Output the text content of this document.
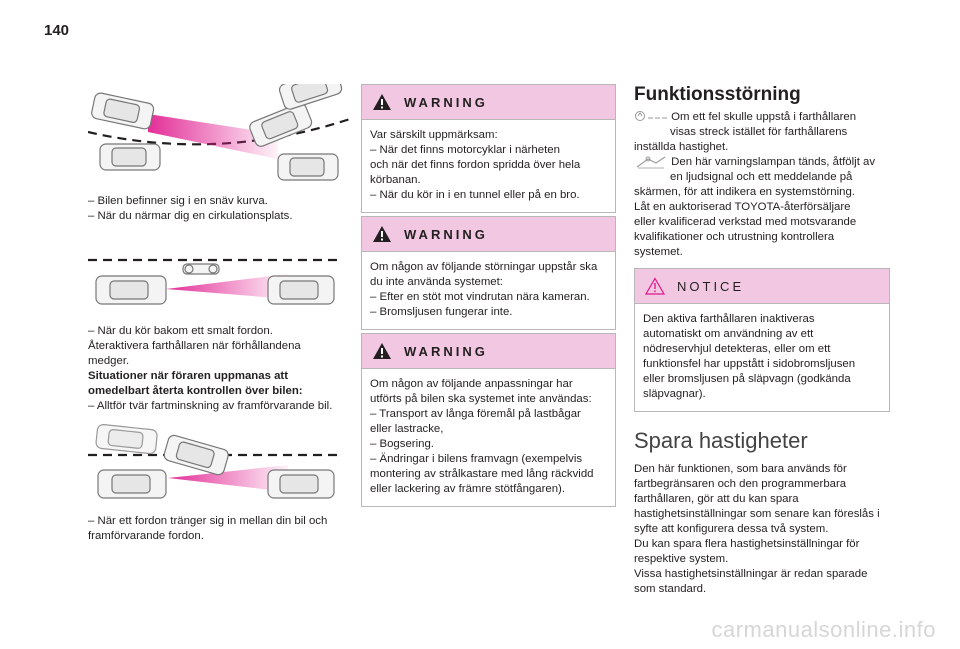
140

– Bilen befinner sig i en snäv kurva.

– När du närmar dig en cirkulationsplats.

– När du kör bakom ett smalt fordon.

Återaktivera farthållaren när förhållandena

medger.

Situationer när föraren uppmanas att

omedelbart återta kontrollen över bilen:

– Alltför tvär fartminskning av framförvarande bil.

– När ett fordon tränger sig in mellan din bil och

framförvarande fordon.

WARNING

Var särskilt uppmärksam:

– När det finns motorcyklar i närheten

och när det finns fordon spridda över hela

körbanan.

– När du kör in i en tunnel eller på en bro.

WARNING

Om någon av följande störningar uppstår ska

du inte använda systemet:

– Efter en stöt mot vindrutan nära kameran.

– Bromsljusen fungerar inte.

WARNING

Om någon av följande anpassningar har

utförts på bilen ska systemet inte användas:

– Transport av långa föremål på lastbågar

eller lastracke,

– Bogsering.

– Ändringar i bilens framvagn (exempelvis

montering av strålkastare med lång räckvidd

eller lackering av främre stötfångaren).

Funktionsstörning

Om ett fel skulle uppstå i farthållaren

visas streck istället för farthållarens

inställda hastighet.

Den här varningslampan tänds, åtföljt av

en ljudsignal och ett meddelande på

skärmen, för att indikera en systemstörning.

Låt en auktoriserad TOYOTA-återförsäljare

eller kvalificerad verkstad med motsvarande

kvalifikationer och utrustning kontrollera

systemet.

NOTICE

Den aktiva farthållaren inaktiveras

automatiskt om användning av ett

nödreservhjul detekteras, eller om ett

funktionsfel har uppstått i sidobromsljusen

eller bromsljusen på släpvagn (godkända

släpvagnar).

Spara hastigheter

Den här funktionen, som bara används för

fartbegränsaren och den programmerbara

farthållaren, gör att du kan spara

hastighetsinställningar som senare kan föreslås i

syfte att konfigurera dessa två system.

Du kan spara flera hastighetsinställningar för

respektive system.

Vissa hastighetsinställningar är redan sparade

som standard.

carmanualsonline.info
